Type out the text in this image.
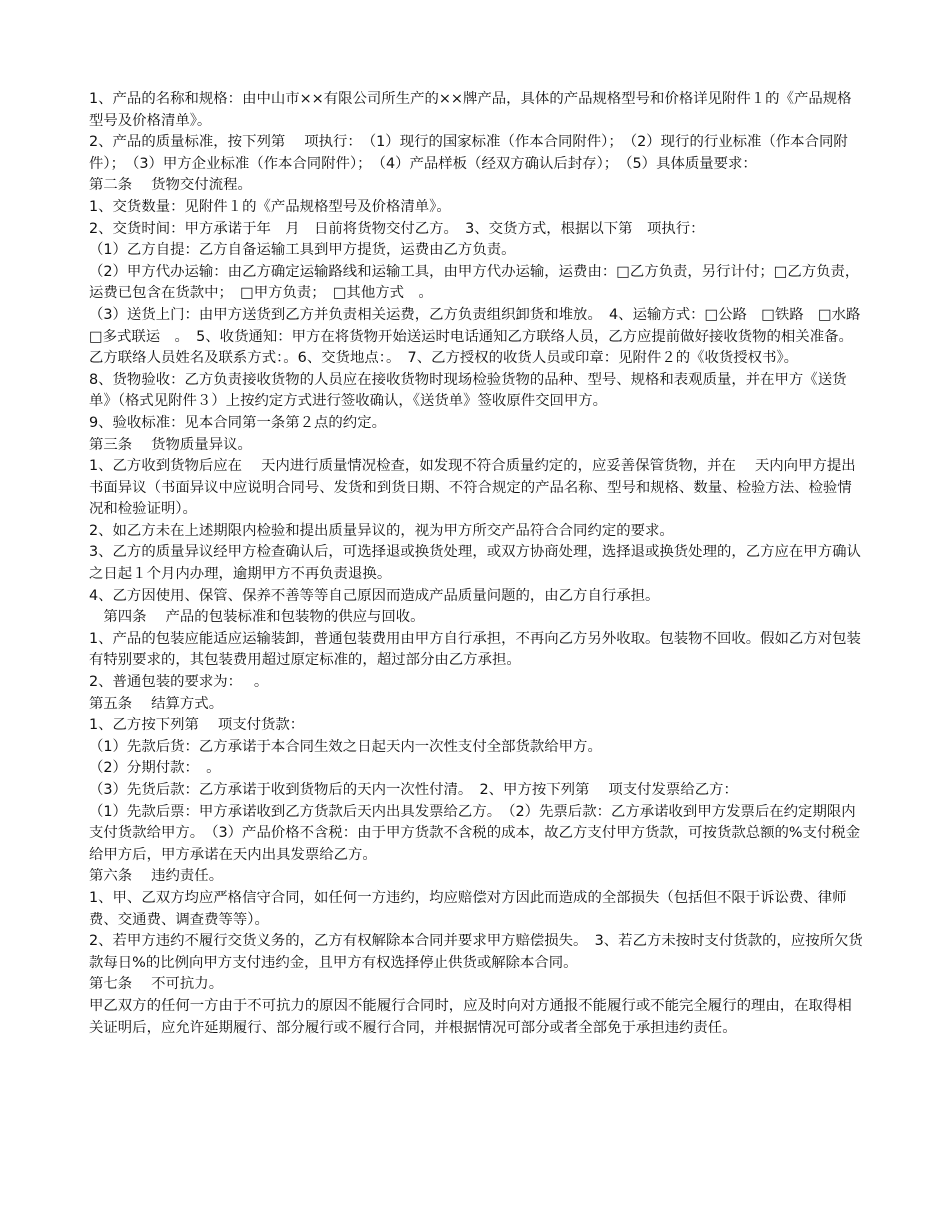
1、产品的名称和规格：由中山市××有限公司所生产的××牌产品，具体的产品规格型号和价格详见附件１的《产品规格型号及价格清单》。

2、产品的质量标准，按下列第　 项执行：　（1）现行的国家标准（作本合同附件）；　（2）现行的行业标准（作本合同附件）；　（3）甲方企业标准（作本合同附件）；　（4）产品样板（经双方确认后封存）；　（5）具体质量要求：

第二条　 货物交付流程。

1、交货数量：见附件１的《产品规格型号及价格清单》。

2、交货时间：甲方承诺于年　月　日前将货物交付乙方。　3、交货方式，根据以下第　项执行：

（1）乙方自提：乙方自备运输工具到甲方提货，运费由乙方负责。

（2）甲方代办运输：由乙方确定运输路线和运输工具，由甲方代办运输，运费由：□乙方负责，另行计付；□乙方负责，运费已包含在货款中；　□甲方负责；　□其他方式　。

（3）送货上门：由甲方送货到乙方并负责相关运费，乙方负责组织卸货和堆放。　4、运输方式：□公路　□铁路　□水路　□多式联运　。　5、收货通知：甲方在将货物开始送运时电话通知乙方联络人员，乙方应提前做好接收货物的相关准备。乙方联络人员姓名及联系方式：。6、交货地点：。　7、乙方授权的收货人员或印章：见附件２的《收货授权书》。

8、货物验收：乙方负责接收货物的人员应在接收货物时现场检验货物的品种、型号、规格和表观质量，并在甲方《送货单》（格式见附件３）上按约定方式进行签收确认，《送货单》签收原件交回甲方。

9、验收标准：见本合同第一条第２点的约定。

第三条　 货物质量异议。

1、乙方收到货物后应在　 天内进行质量情况检查，如发现不符合质量约定的，应妥善保管货物，并在　 天内向甲方提出书面异议（书面异议中应说明合同号、发货和到货日期、不符合规定的产品名称、型号和规格、数量、检验方法、检验情况和检验证明）。

2、如乙方未在上述期限内检验和提出质量异议的，视为甲方所交产品符合合同约定的要求。

3、乙方的质量异议经甲方检查确认后，可选择退或换货处理，或双方协商处理，选择退或换货处理的，乙方应在甲方确认之日起１个月内办理，逾期甲方不再负责退换。

4、乙方因使用、保管、保养不善等等自己原因而造成产品质量问题的，由乙方自行承担。

　第四条　 产品的包装标准和包装物的供应与回收。

1、产品的包装应能适应运输装卸，普通包装费用由甲方自行承担，不再向乙方另外收取。包装物不回收。假如乙方对包装有特别要求的，其包装费用超过原定标准的，超过部分由乙方承担。

2、普通包装的要求为：　 。

第五条　 结算方式。

1、乙方按下列第　 项支付货款：

（1）先款后货：乙方承诺于本合同生效之日起天内一次性支付全部货款给甲方。

（2）分期付款：　。

（3）先货后款：乙方承诺于收到货物后的天内一次性付清。　2、甲方按下列第　 项支付发票给乙方：

（1）先款后票：甲方承诺收到乙方货款后天内出具发票给乙方。　（2）先票后款：乙方承诺收到甲方发票后在约定期限内支付货款给甲方。　（3）产品价格不含税：由于甲方货款不含税的成本，故乙方支付甲方货款，可按货款总额的%支付税金给甲方后，甲方承诺在天内出具发票给乙方。

第六条　 违约责任。

1、甲、乙双方均应严格信守合同，如任何一方违约，均应赔偿对方因此而造成的全部损失（包括但不限于诉讼费、律师费、交通费、调查费等等）。

2、若甲方违约不履行交货义务的，乙方有权解除本合同并要求甲方赔偿损失。　3、若乙方未按时支付货款的，应按所欠货款每日%的比例向甲方支付违约金，且甲方有权选择停止供货或解除本合同。

第七条　 不可抗力。

甲乙双方的任何一方由于不可抗力的原因不能履行合同时，应及时向对方通报不能履行或不能完全履行的理由，在取得相关证明后，应允许延期履行、部分履行或不履行合同，并根据情况可部分或者全部免于承担违约责任。
